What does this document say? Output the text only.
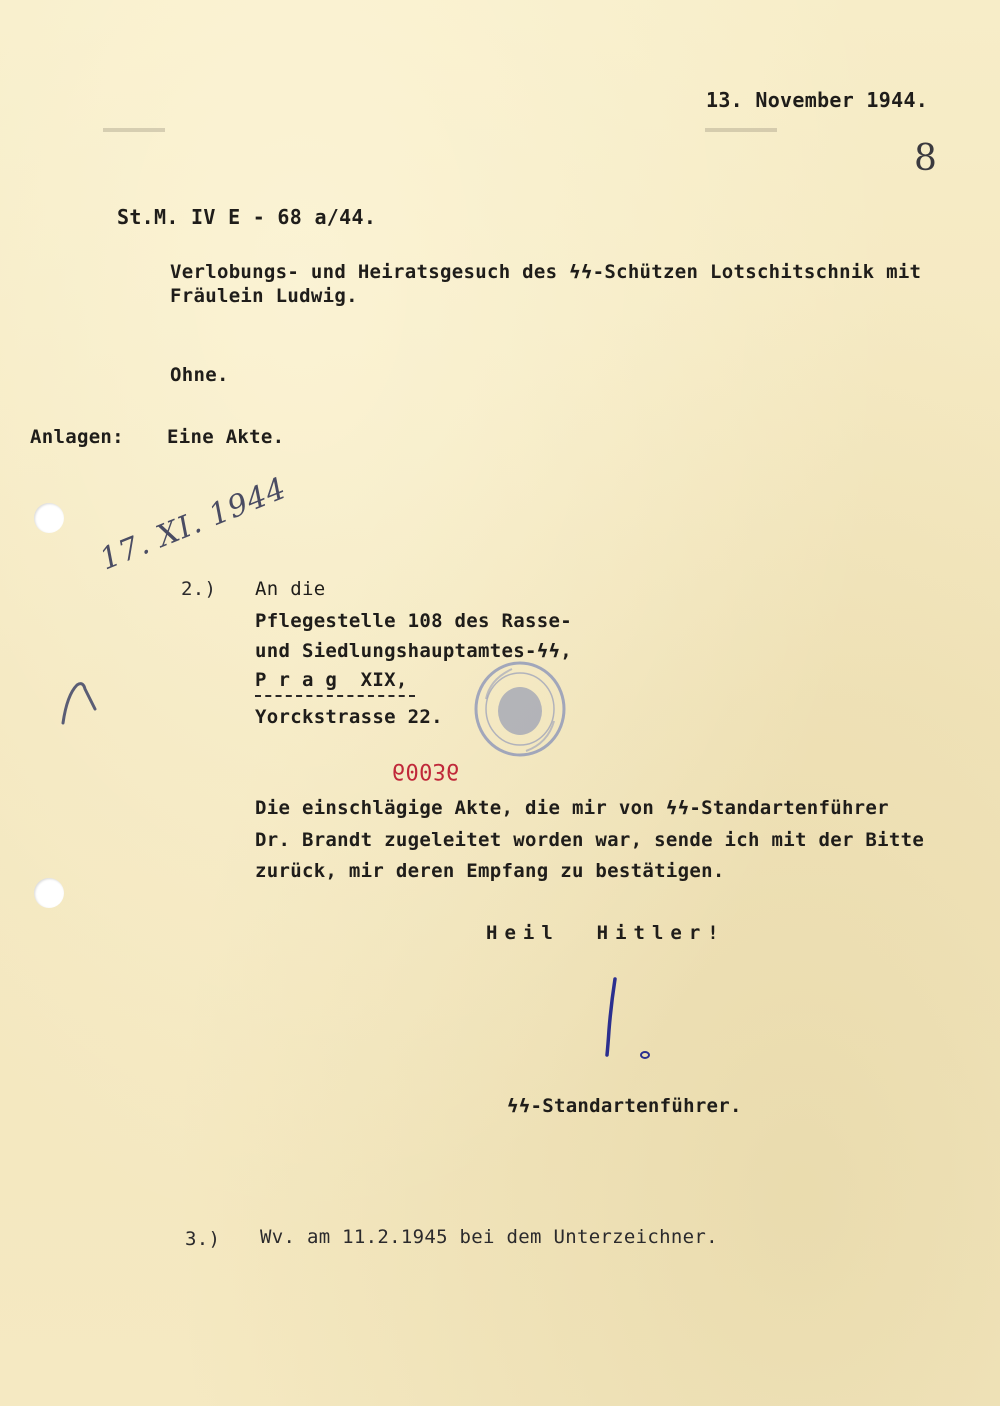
13. November 1944.
8
St.M. IV E - 68 a/44.
Verlobungs- und Heiratsgesuch des ϟϟ-Schützen Lotschitschnik mit
Fräulein Ludwig.
Ohne.
Anlagen: Eine Akte.
17. XI. 1944
2.) An die
Pflegestelle 108 des Rasse-
und Siedlungshauptamtes-ϟϟ,
P r a g  XIX,
Yorckstrasse 22.
60036
Die einschlägige Akte, die mir von ϟϟ-Standartenführer
Dr. Brandt zugeleitet worden war, sende ich mit der Bitte
zurück, mir deren Empfang zu bestätigen.
Heil  Hitler!
ϟϟ-Standartenführer.
3.) Wv. am 11.2.1945 bei dem Unterzeichner.
